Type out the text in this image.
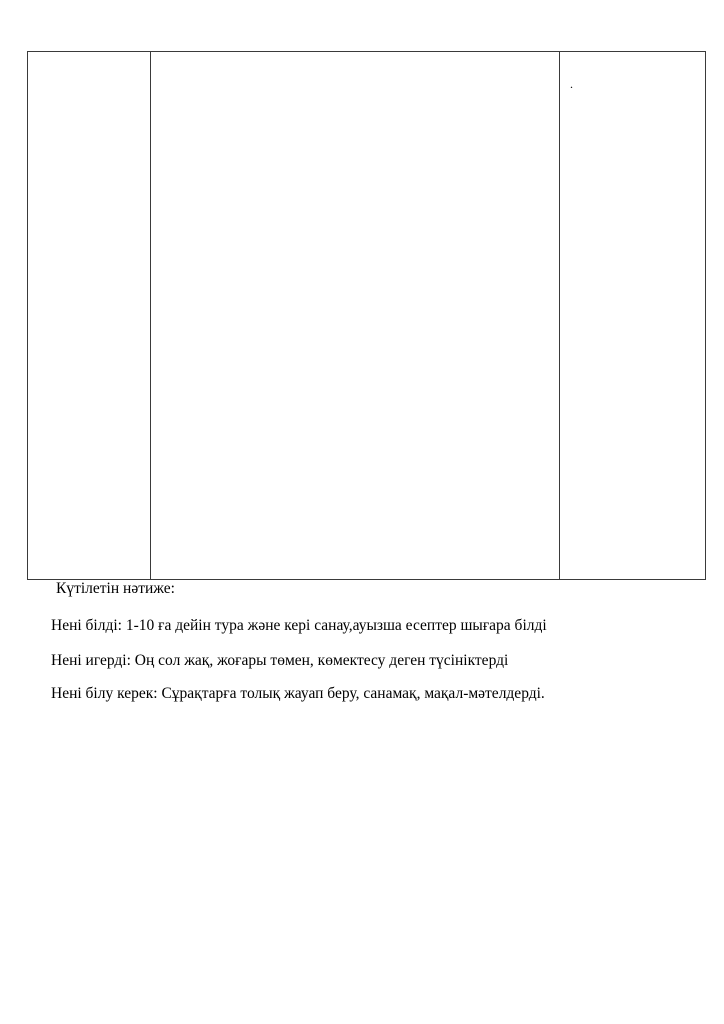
.
Күтілетін нәтиже:
Нені білді: 1-10 ға дейін тура және кері санау,ауызша есептер шығара білді
Нені игерді: Оң сол жақ, жоғары төмен, көмектесу деген түсініктерді
Нені білу керек: Сұрақтарға толық жауап беру, санамақ, мақал-мәтелдерді.
